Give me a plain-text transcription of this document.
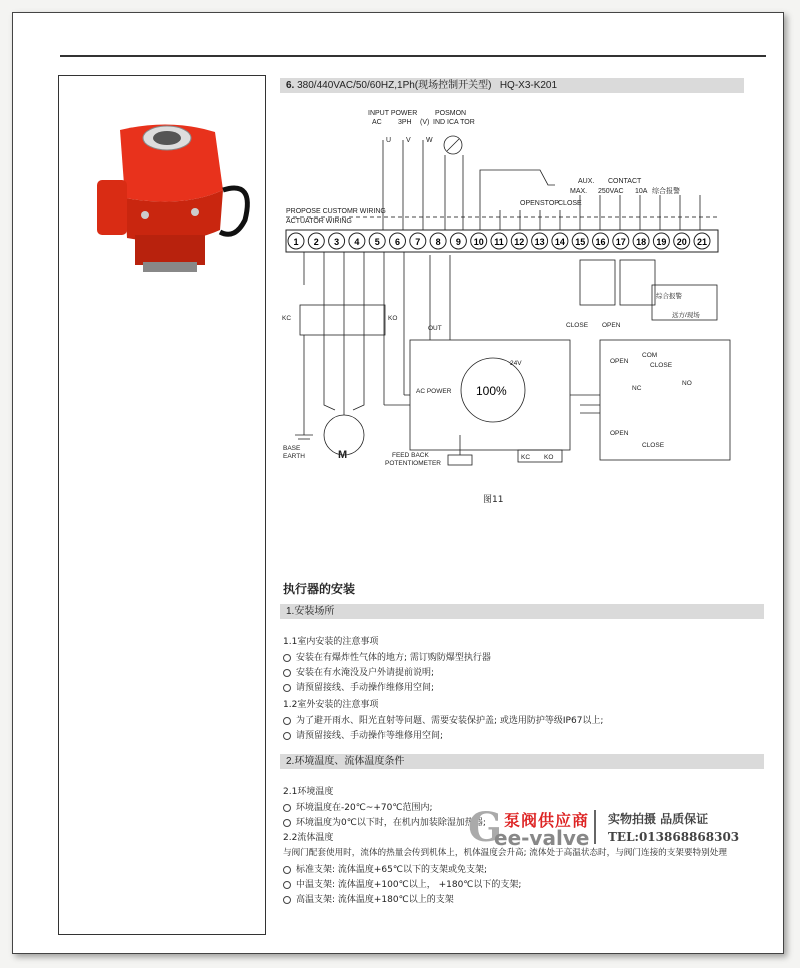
6. 380/440VAC/50/60HZ,1Ph(现场控制开关型) HQ-X3-K201
INPUT POWER
AC 3PH (V)
POSMON
IND ICA TOR
U V W
AUX. CONTACT
MAX. 250VAC 10A 综合报警
PROPOSE CUSTOMR WIRING
ACTUATOR WIRING
OPEN STOP CLOSE
1 2 3 4 5 6 7 8 9 10 11 12 13 14 15 16 17 18 19 20 21
KC	KO
OUT
24V
AC POWER
BASE
EARTH	M	FEED BACK
POTENTIOMETER
KC KO
OPEN
CLOSE
COM
NC
NO
OPEN
CLOSE
CLOSE OPEN
综合报警
远方/现场
100%
图11
执行器的安装
1.安装场所
1.1室内安装的注意事项
安装在有爆炸性气体的地方; 需订购防爆型执行器
安装在有水淹没及户外请提前说明;
请预留接线、手动操作维修用空间;
1.2室外安装的注意事项
为了避开雨水、阳光直射等问题、需要安装保护盖; 或选用防护等级IP67以上;
请预留接线、手动操作等维修用空间;
2.环境温度、流体温度条件
2.1环境温度
环境温度在-20℃~+70℃范围内;
环境温度为0℃以下时，在机内加装除湿加热器;
2.2流体温度
与阀门配套使用时，流体的热量会传到机体上，机体温度会升高; 流体处于高温状态时，与阀门连接的支架要特别处理
标准支架: 流体温度+65℃以下的支架或免支架;
中温支架: 流体温度+100℃以上， +180℃以下的支架;
高温支架: 流体温度+180℃以上的支架
G 泵阀供应商
ee-valve
实物拍摄 品质保证
TEL:013868868303
